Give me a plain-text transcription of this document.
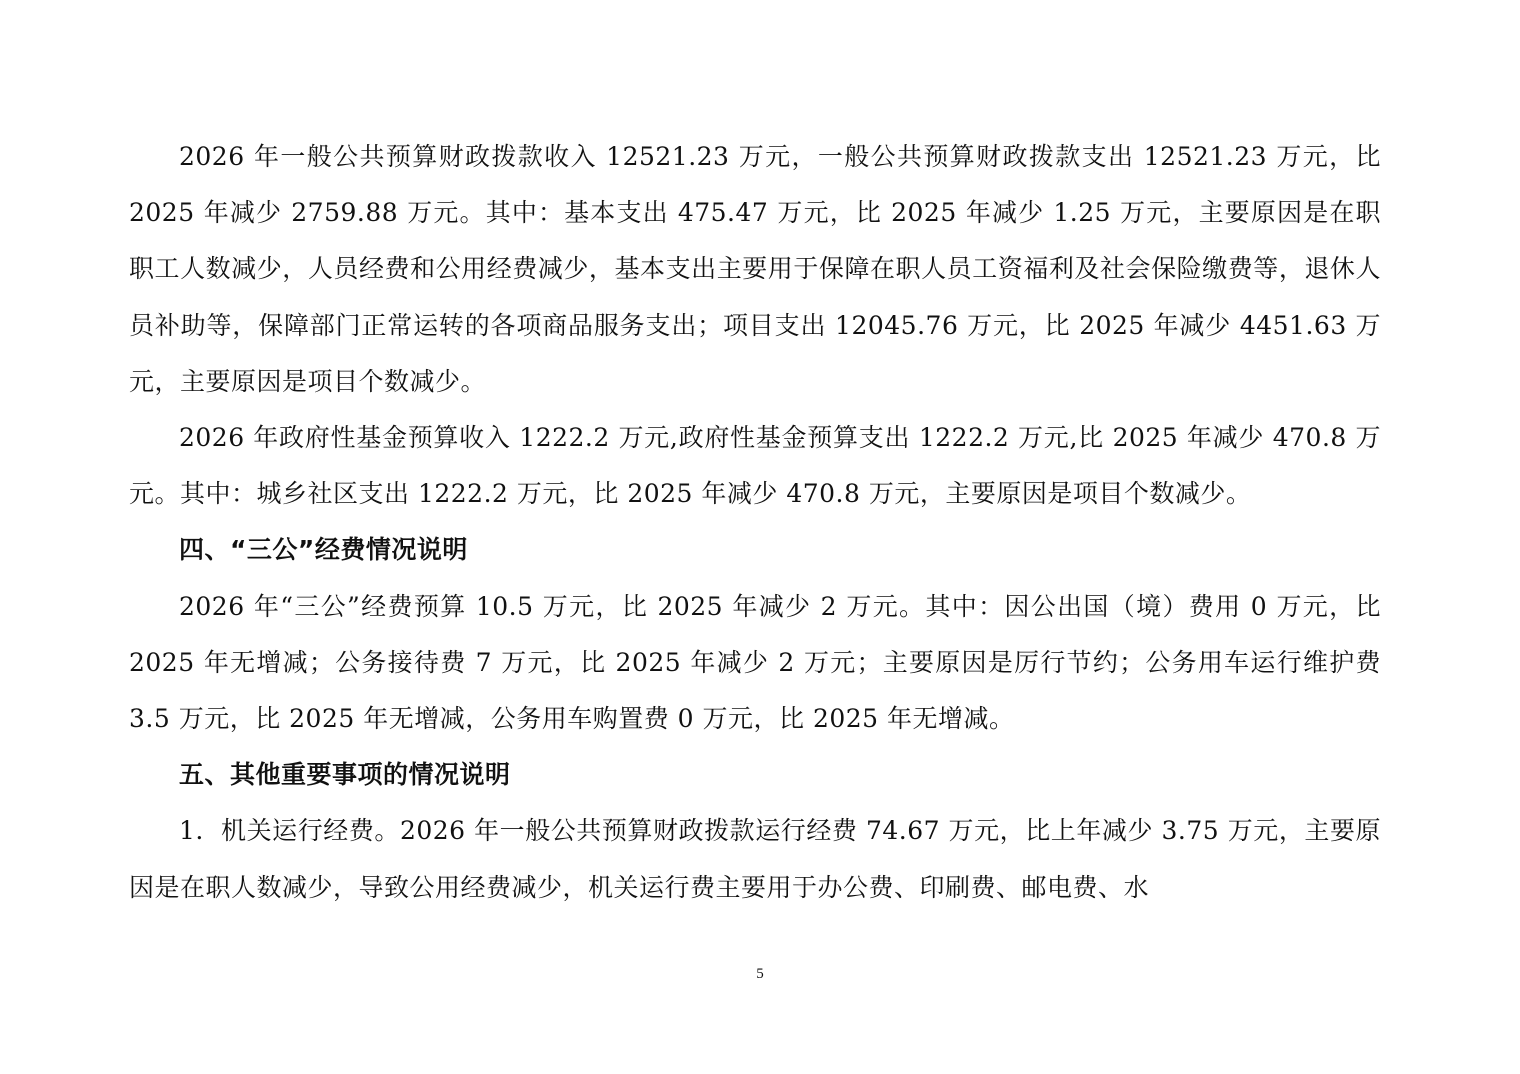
2026 年一般公共预算财政拨款收入 12521.23 万元，一般公共预算财政拨款支出 12521.23 万元，比 2025 年减少 2759.88 万元。其中：基本支出 475.47 万元，比 2025 年减少 1.25 万元，主要原因是在职职工人数减少，人员经费和公用经费减少，基本支出主要用于保障在职人员工资福利及社会保险缴费等，退休人员补助等，保障部门正常运转的各项商品服务支出；项目支出 12045.76 万元，比 2025 年减少 4451.63 万元，主要原因是项目个数减少。

2026 年政府性基金预算收入 1222.2 万元,政府性基金预算支出 1222.2 万元,比 2025 年减少 470.8 万元。其中：城乡社区支出 1222.2 万元，比 2025 年减少 470.8 万元，主要原因是项目个数减少。

四、“三公”经费情况说明

2026 年“三公”经费预算 10.5 万元，比 2025 年减少 2 万元。其中：因公出国（境）费用 0 万元，比 2025 年无增减；公务接待费 7 万元，比 2025 年减少 2 万元；主要原因是厉行节约；公务用车运行维护费 3.5 万元，比 2025 年无增减，公务用车购置费 0 万元，比 2025 年无增减。

五、其他重要事项的情况说明

1．机关运行经费。2026 年一般公共预算财政拨款运行经费 74.67 万元，比上年减少 3.75 万元，主要原因是在职人数减少，导致公用经费减少，机关运行费主要用于办公费、印刷费、邮电费、水

5
